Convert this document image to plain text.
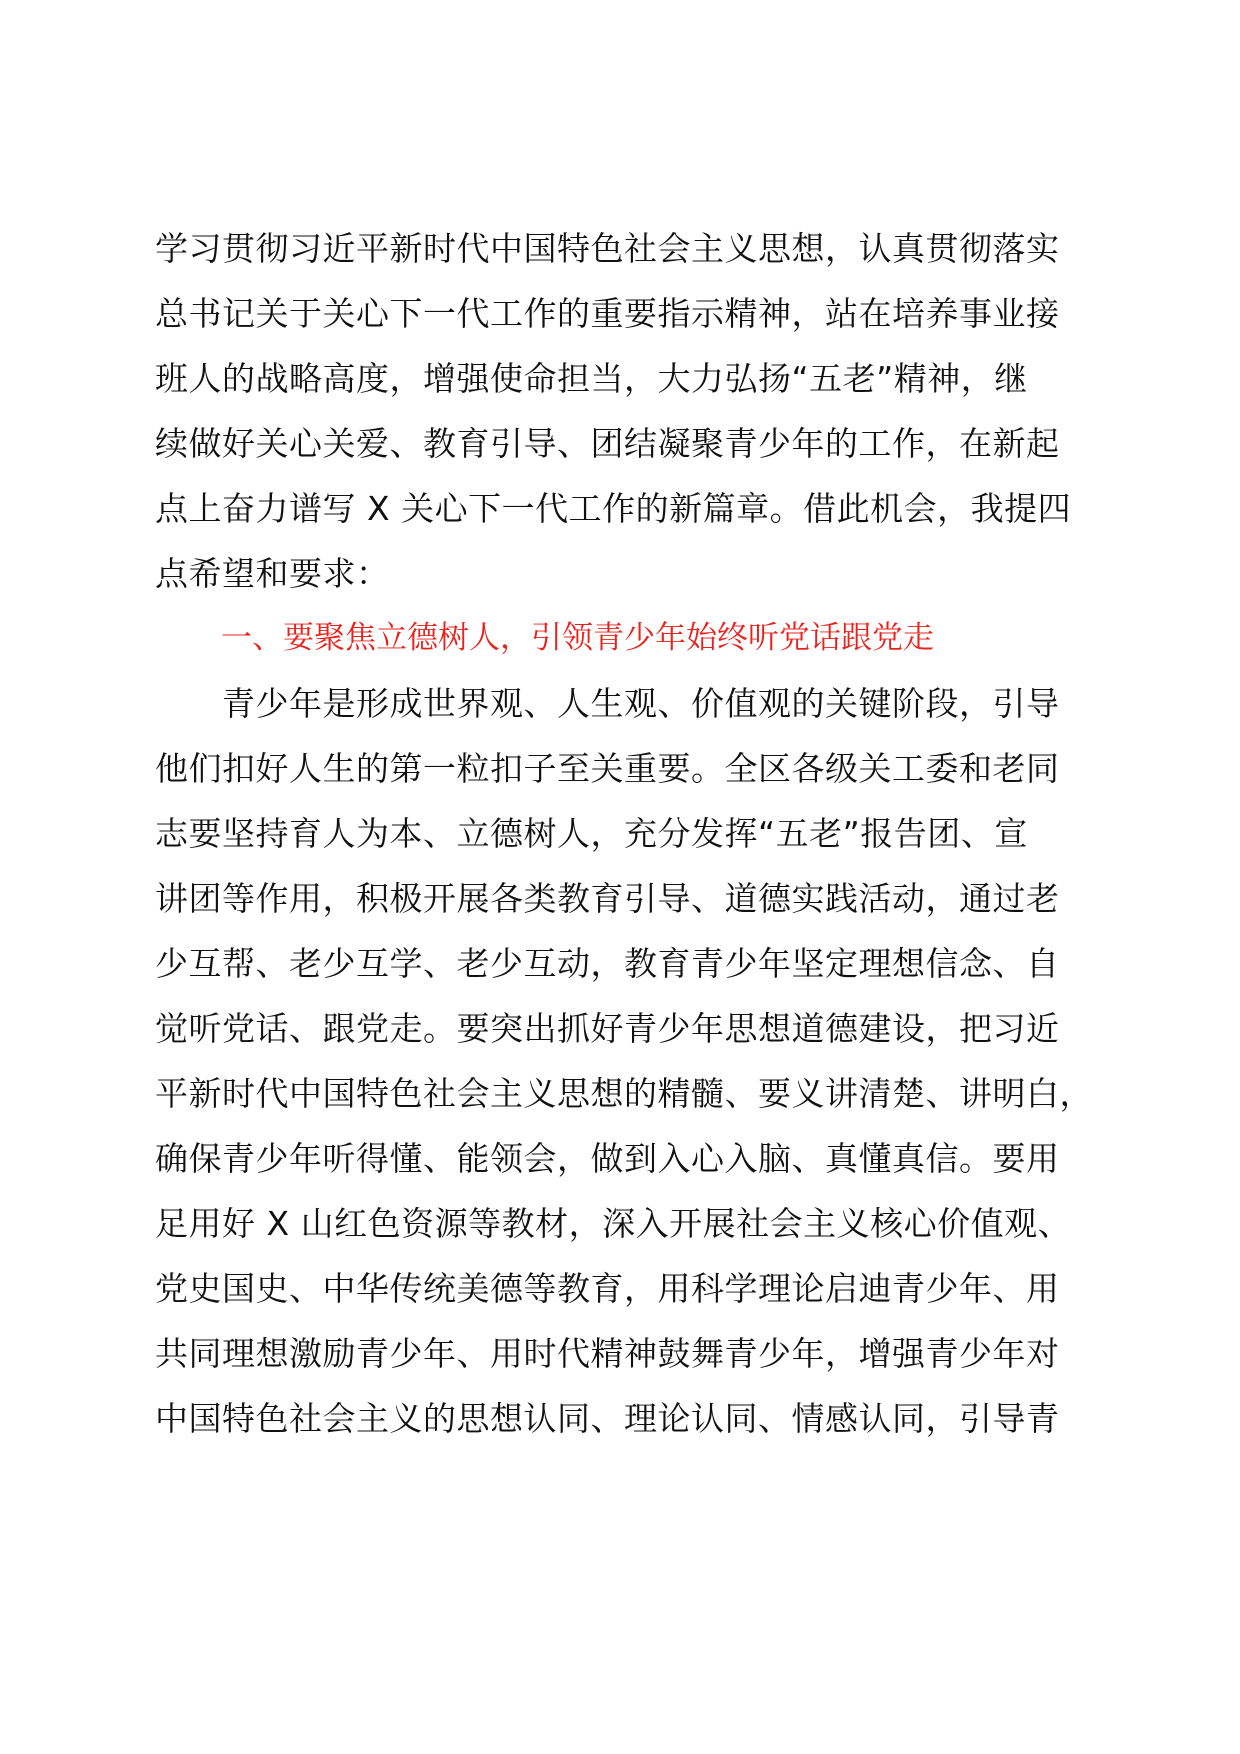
学习贯彻习近平新时代中国特色社会主义思想，认真贯彻落实
总书记关于关心下一代工作的重要指示精神，站在培养事业接
班人的战略高度，增强使命担当，大力弘扬“五老”精神，继
续做好关心关爱、教育引导、团结凝聚青少年的工作，在新起
点上奋力谱写 X 关心下一代工作的新篇章。借此机会，我提四
点希望和要求：
一、要聚焦立德树人，引领青少年始终听党话跟党走
　　青少年是形成世界观、人生观、价值观的关键阶段，引导
他们扣好人生的第一粒扣子至关重要。全区各级关工委和老同
志要坚持育人为本、立德树人，充分发挥“五老”报告团、宣
讲团等作用，积极开展各类教育引导、道德实践活动，通过老
少互帮、老少互学、老少互动，教育青少年坚定理想信念、自
觉听党话、跟党走。要突出抓好青少年思想道德建设，把习近
平新时代中国特色社会主义思想的精髓、要义讲清楚、讲明白，
确保青少年听得懂、能领会，做到入心入脑、真懂真信。要用
足用好 X 山红色资源等教材，深入开展社会主义核心价值观、
党史国史、中华传统美德等教育，用科学理论启迪青少年、用
共同理想激励青少年、用时代精神鼓舞青少年，增强青少年对
中国特色社会主义的思想认同、理论认同、情感认同，引导青
